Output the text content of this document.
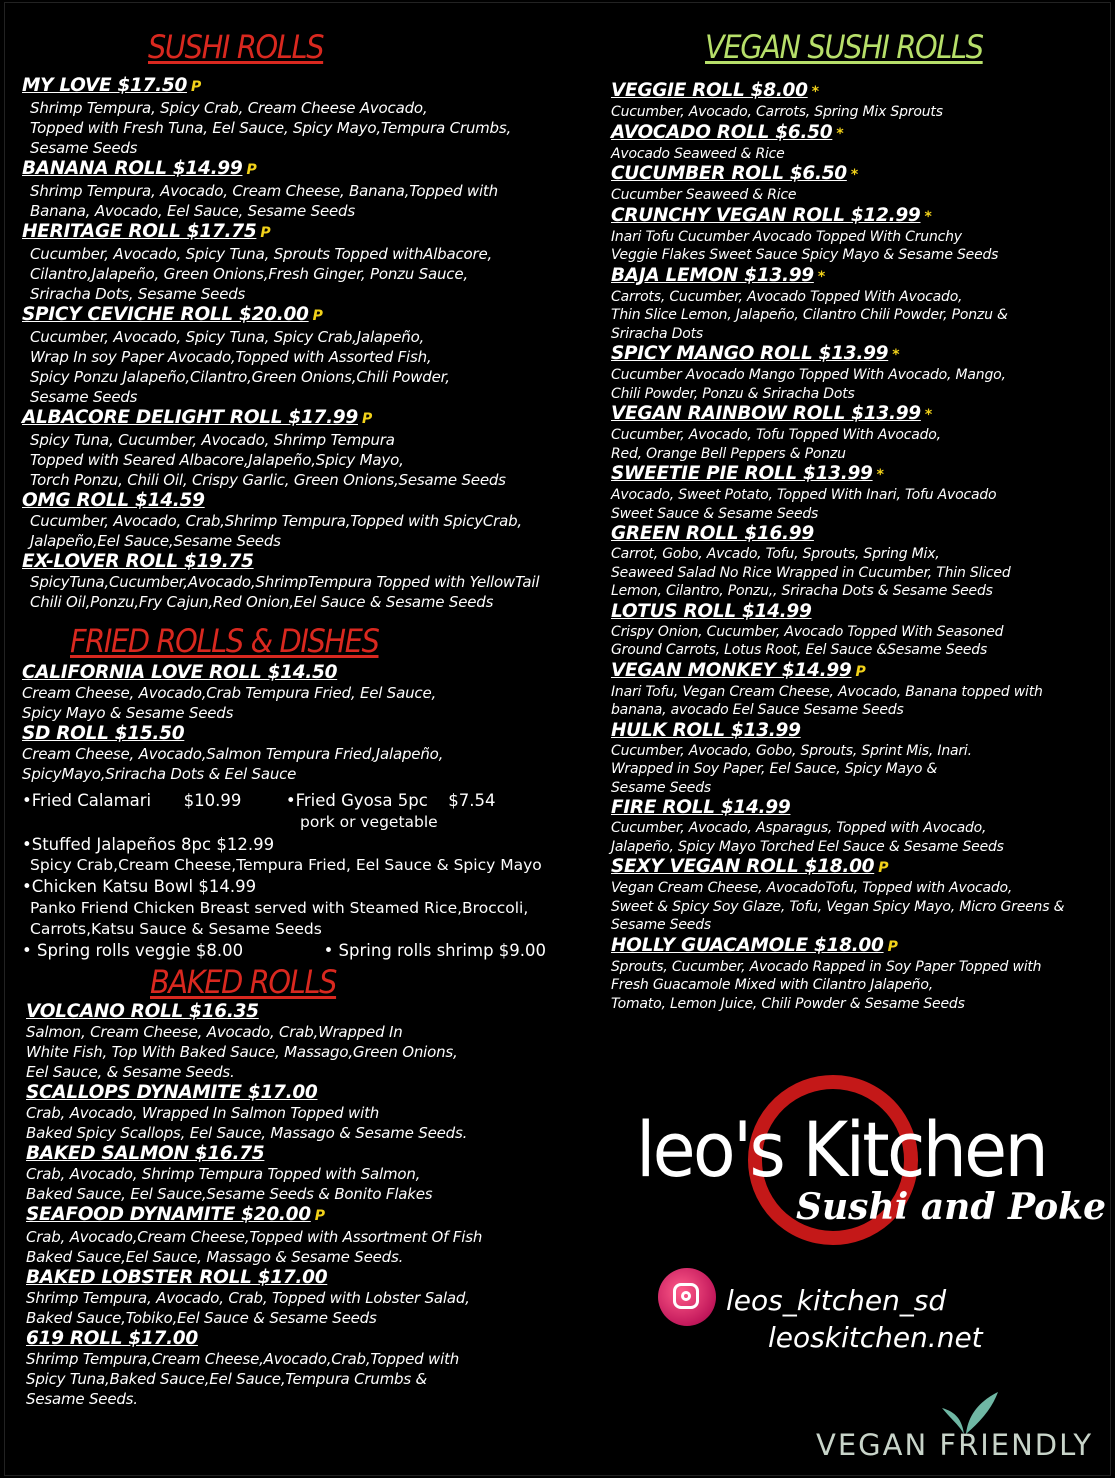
SUSHI ROLLS
MY LOVE $17.50 P
Shrimp Tempura, Spicy Crab, Cream Cheese Avocado,
Topped with Fresh Tuna, Eel Sauce, Spicy Mayo,Tempura Crumbs,
Sesame Seeds
BANANA ROLL $14.99 P
Shrimp Tempura, Avocado, Cream Cheese, Banana,Topped with
Banana, Avocado, Eel Sauce, Sesame Seeds
HERITAGE ROLL $17.75 P
Cucumber, Avocado, Spicy Tuna, Sprouts Topped withAlbacore,
Cilantro,Jalapeño, Green Onions,Fresh Ginger, Ponzu Sauce,
Sriracha Dots, Sesame Seeds
SPICY CEVICHE ROLL $20.00 P
Cucumber, Avocado, Spicy Tuna, Spicy Crab,Jalapeño,
Wrap In soy Paper Avocado,Topped with Assorted Fish,
Spicy Ponzu Jalapeño,Cilantro,Green Onions,Chili Powder,
Sesame Seeds
ALBACORE DELIGHT ROLL $17.99 P
Spicy Tuna, Cucumber, Avocado, Shrimp Tempura
Topped with Seared Albacore,Jalapeño,Spicy Mayo,
Torch Ponzu, Chili Oil, Crispy Garlic, Green Onions,Sesame Seeds
OMG ROLL $14.59
Cucumber, Avocado, Crab,Shrimp Tempura,Topped with SpicyCrab,
Jalapeño,Eel Sauce,Sesame Seeds
EX-LOVER ROLL $19.75
SpicyTuna,Cucumber,Avocado,ShrimpTempura Topped with YellowTail
Chili Oil,Ponzu,Fry Cajun,Red Onion,Eel Sauce & Sesame Seeds
FRIED ROLLS & DISHES
CALIFORNIA LOVE ROLL $14.50
Cream Cheese, Avocado,Crab Tempura Fried, Eel Sauce,
Spicy Mayo & Sesame Seeds
SD ROLL $15.50
Cream Cheese, Avocado,Salmon Tempura Fried,Jalapeño,
SpicyMayo,Sriracha Dots & Eel Sauce
•Fried Calamari $10.99	•Fried Gyosa 5pc $7.54
pork or vegetable
•Stuffed Jalapeños 8pc $12.99
Spicy Crab,Cream Cheese,Tempura Fried, Eel Sauce & Spicy Mayo
•Chicken Katsu Bowl $14.99
Panko Friend Chicken Breast served with Steamed Rice,Broccoli,
Carrots,Katsu Sauce & Sesame Seeds
• Spring rolls veggie $8.00	• Spring rolls shrimp $9.00
BAKED ROLLS
VOLCANO ROLL $16.35
Salmon, Cream Cheese, Avocado, Crab,Wrapped In
White Fish, Top With Baked Sauce, Massago,Green Onions,
Eel Sauce, & Sesame Seeds.
SCALLOPS DYNAMITE $17.00
Crab, Avocado, Wrapped In Salmon Topped with
Baked Spicy Scallops, Eel Sauce, Massago & Sesame Seeds.
BAKED SALMON $16.75
Crab, Avocado, Shrimp Tempura Topped with Salmon,
Baked Sauce, Eel Sauce,Sesame Seeds & Bonito Flakes
SEAFOOD DYNAMITE $20.00 P
Crab, Avocado,Cream Cheese,Topped with Assortment Of Fish
Baked Sauce,Eel Sauce, Massago & Sesame Seeds.
BAKED LOBSTER ROLL $17.00
Shrimp Tempura, Avocado, Crab, Topped with Lobster Salad,
Baked Sauce,Tobiko,Eel Sauce & Sesame Seeds
619 ROLL $17.00
Shrimp Tempura,Cream Cheese,Avocado,Crab,Topped with
Spicy Tuna,Baked Sauce,Eel Sauce,Tempura Crumbs &
Sesame Seeds.
VEGAN SUSHI ROLLS
VEGGIE ROLL $8.00 *
Cucumber, Avocado, Carrots, Spring Mix Sprouts
AVOCADO ROLL $6.50 *
Avocado Seaweed & Rice
CUCUMBER ROLL $6.50 *
Cucumber Seaweed & Rice
CRUNCHY VEGAN ROLL $12.99 *
Inari Tofu Cucumber Avocado Topped With Crunchy
Veggie Flakes Sweet Sauce Spicy Mayo & Sesame Seeds
BAJA LEMON $13.99 *
Carrots, Cucumber, Avocado Topped With Avocado,
Thin Slice Lemon, Jalapeño, Cilantro Chili Powder, Ponzu &
Sriracha Dots
SPICY MANGO ROLL $13.99 *
Cucumber Avocado Mango Topped With Avocado, Mango,
Chili Powder, Ponzu & Sriracha Dots
VEGAN RAINBOW ROLL $13.99 *
Cucumber, Avocado, Tofu Topped With Avocado,
Red, Orange Bell Peppers & Ponzu
SWEETIE PIE ROLL $13.99 *
Avocado, Sweet Potato, Topped With Inari, Tofu Avocado
Sweet Sauce & Sesame Seeds
GREEN ROLL $16.99
Carrot, Gobo, Avcado, Tofu, Sprouts, Spring Mix,
Seaweed Salad No Rice Wrapped in Cucumber, Thin Sliced
Lemon, Cilantro, Ponzu,, Sriracha Dots & Sesame Seeds
LOTUS ROLL $14.99
Crispy Onion, Cucumber, Avocado Topped With Seasoned
Ground Carrots, Lotus Root, Eel Sauce &Sesame Seeds
VEGAN MONKEY $14.99 P
Inari Tofu, Vegan Cream Cheese, Avocado, Banana topped with
banana, avocado Eel Sauce Sesame Seeds
HULK ROLL $13.99
Cucumber, Avocado, Gobo, Sprouts, Sprint Mis, Inari.
Wrapped in Soy Paper, Eel Sauce, Spicy Mayo &
Sesame Seeds
FIRE ROLL $14.99
Cucumber, Avocado, Asparagus, Topped with Avocado,
Jalapeño, Spicy Mayo Torched Eel Sauce & Sesame Seeds
SEXY VEGAN ROLL $18.00 P
Vegan Cream Cheese, AvocadoTofu, Topped with Avocado,
Sweet & Spicy Soy Glaze, Tofu, Vegan Spicy Mayo, Micro Greens &
Sesame Seeds
HOLLY GUACAMOLE $18.00 P
Sprouts, Cucumber, Avocado Rapped in Soy Paper Topped with
Fresh Guacamole Mixed with Cilantro Jalapeño,
Tomato, Lemon Juice, Chili Powder & Sesame Seeds
leo's Kitchen
Sushi and Poke
leos_kitchen_sd
leoskitchen.net
VEGAN FRIENDLY
